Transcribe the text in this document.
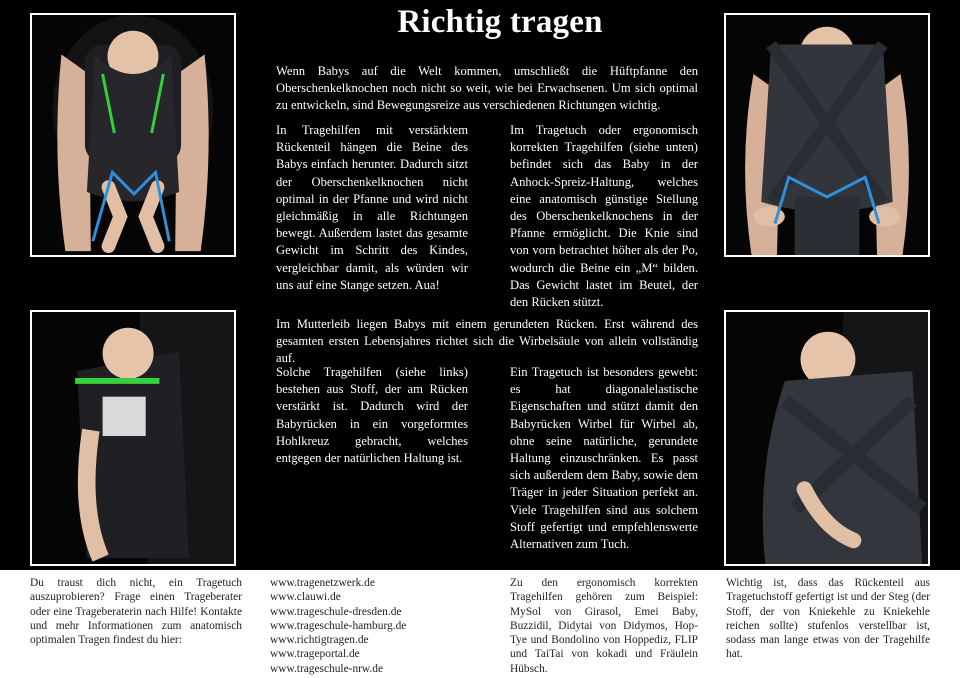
Richtig tragen
Wenn Babys auf die Welt kommen, umschließt die Hüftpfanne den Oberschenkelknochen noch nicht so weit, wie bei Erwachsenen. Um sich optimal zu entwickeln, sind Bewegungsreize aus verschiedenen Richtungen wichtig.
In Tragehilfen mit verstärktem Rückenteil hängen die Beine des Babys einfach herunter. Dadurch sitzt der Oberschenkelknochen nicht optimal in der Pfanne und wird nicht gleichmäßig in alle Richtungen bewegt. Außerdem lastet das gesamte Gewicht im Schritt des Kindes, vergleichbar damit, als würden wir uns auf eine Stange setzen. Aua!
Im Tragetuch oder ergonomisch korrekten Tragehilfen (siehe unten) befindet sich das Baby in der Anhock-Spreiz-Haltung, welches eine anatomisch günstige Stellung des Oberschenkelknochens in der Pfanne ermöglicht. Die Knie sind von vorn betrachtet höher als der Po, wodurch die Beine ein „M“ bilden. Das Gewicht lastet im Beutel, der den Rücken stützt.
Im Mutterleib liegen Babys mit einem gerundeten Rücken. Erst während des gesamten ersten Lebensjahres richtet sich die Wirbelsäule von allein vollständig auf.
Solche Tragehilfen (siehe links) bestehen aus Stoff, der am Rücken verstärkt ist. Dadurch wird der Babyrücken in ein vorgeformtes Hohlkreuz gebracht, welches entgegen der natürlichen Haltung ist.
Ein Tragetuch ist besonders gewebt: es hat diagonalelastische Eigenschaften und stützt damit den Babyrücken Wirbel für Wirbel ab, ohne seine natürliche, gerundete Haltung einzuschränken. Es passt sich außerdem dem Baby, sowie dem Träger in jeder Situation perfekt an. Viele Tragehilfen sind aus solchem Stoff gefertigt und empfehlenswerte Alternativen zum Tuch.
Du traust dich nicht, ein Tragetuch auszuprobieren? Frage einen Trageberater oder eine Trageberaterin nach Hilfe! Kontakte und mehr Informationen zum anatomisch optimalen Tragen findest du hier:
www.tragenetzwerk.de
www.clauwi.de
www.trageschule-dresden.de
www.trageschule-hamburg.de
www.richtigtragen.de
www.trageportal.de
www.trageschule-nrw.de
Zu den ergonomisch korrekten Tragehilfen gehören zum Beispiel: MySol von Girasol, Emei Baby, Buzzidil, Didytai von Didymos, Hop-Tye und Bondolino von Hoppediz, FLIP und TaiTai von kokadi und Fräulein Hübsch.
Wichtig ist, dass das Rückenteil aus Tragetuchstoff gefertigt ist und der Steg (der Stoff, der von Kniekehle zu Kniekehle reichen sollte) stufenlos verstellbar ist, sodass man lange etwas von der Tragehilfe hat.
